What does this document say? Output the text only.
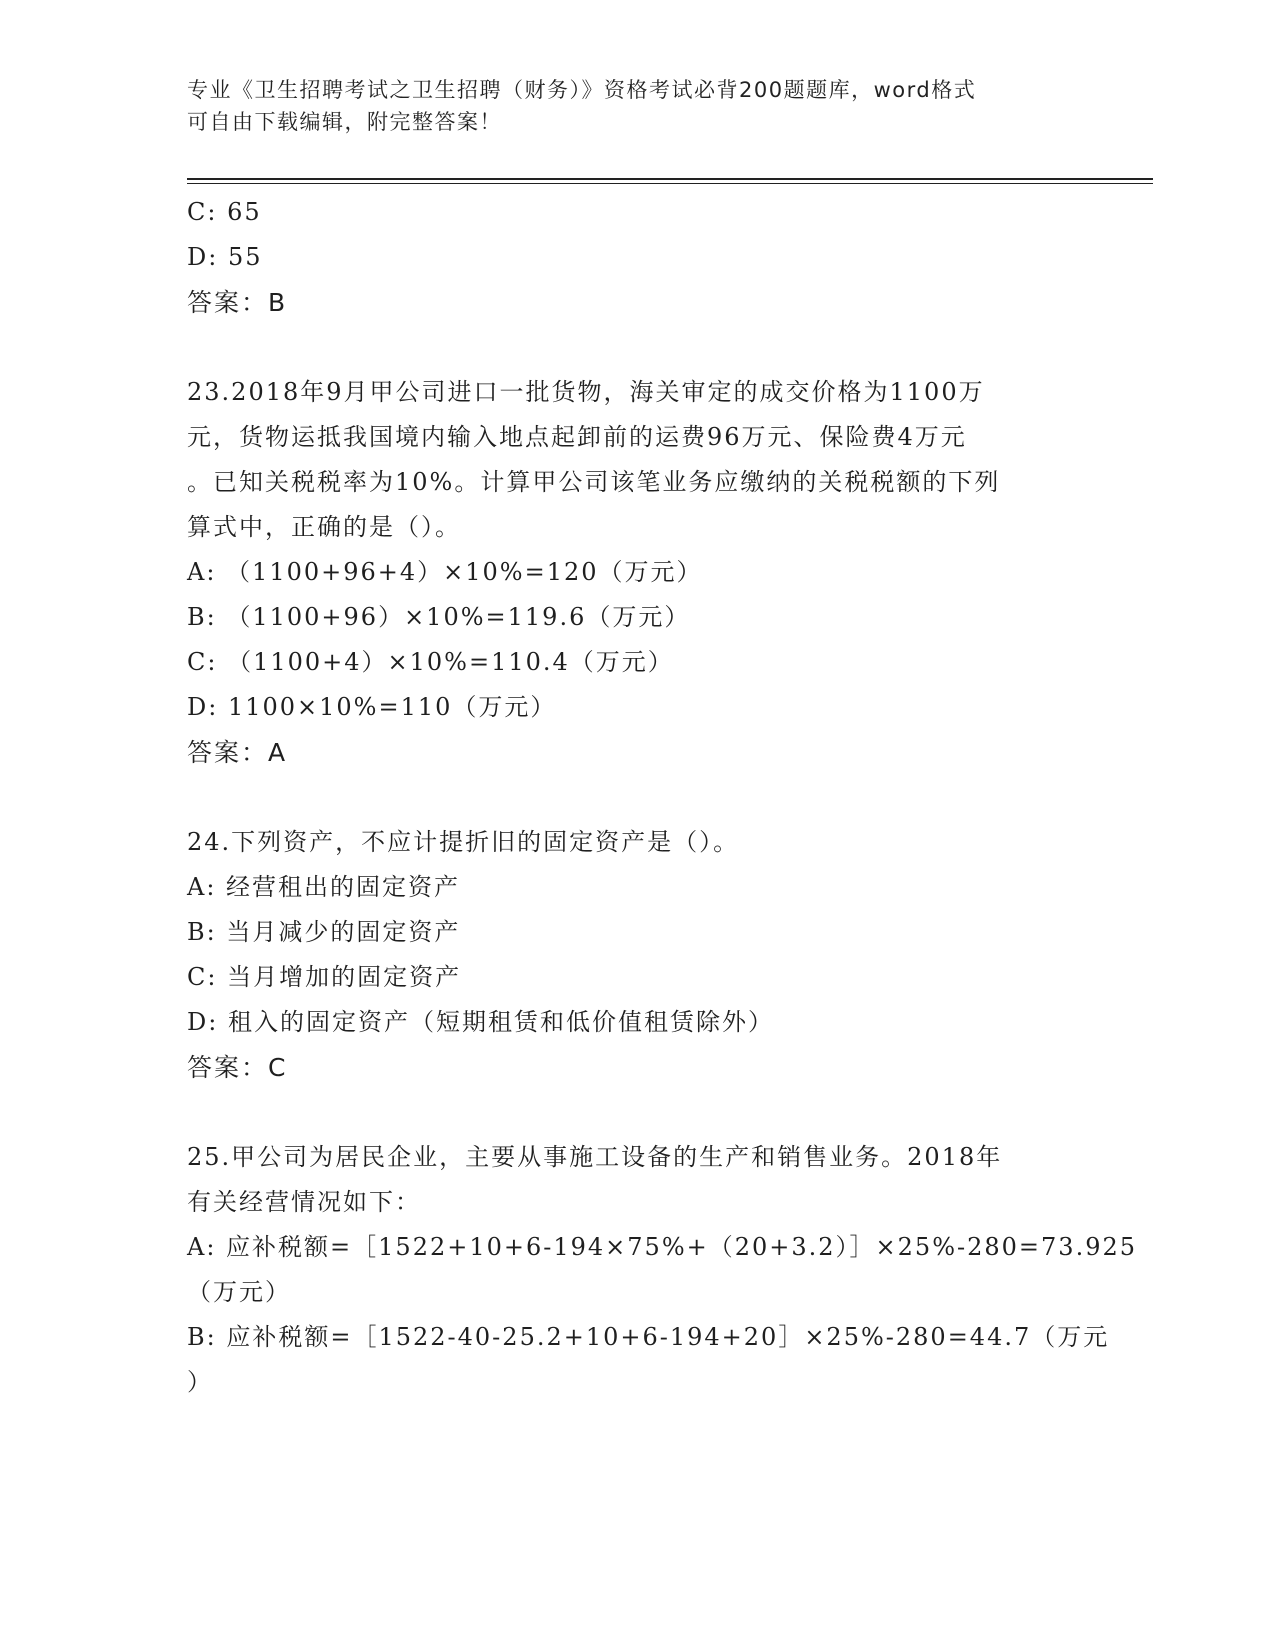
专业《卫生招聘考试之卫生招聘（财务）》资格考试必背200题题库，word格式
可自由下载编辑，附完整答案！
C: 65
D: 55
答案：B
23.2018年9月甲公司进口一批货物，海关审定的成交价格为1100万
元，货物运抵我国境内输入地点起卸前的运费96万元、保险费4万元
。已知关税税率为10%。计算甲公司该笔业务应缴纳的关税税额的下列
算式中，正确的是（）。
A: （1100+96+4）×10%=120（万元）
B: （1100+96）×10%=119.6（万元）
C: （1100+4）×10%=110.4（万元）
D: 1100×10%=110（万元）
答案：A
24.下列资产，不应计提折旧的固定资产是（）。
A: 经营租出的固定资产
B: 当月减少的固定资产
C: 当月增加的固定资产
D: 租入的固定资产（短期租赁和低价值租赁除外）
答案：C
25.甲公司为居民企业，主要从事施工设备的生产和销售业务。2018年
有关经营情况如下：
A: 应补税额=［1522+10+6-194×75%+（20+3.2）］×25%-280=73.925
（万元）
B: 应补税额=［1522-40-25.2+10+6-194+20］×25%-280=44.7（万元
）
